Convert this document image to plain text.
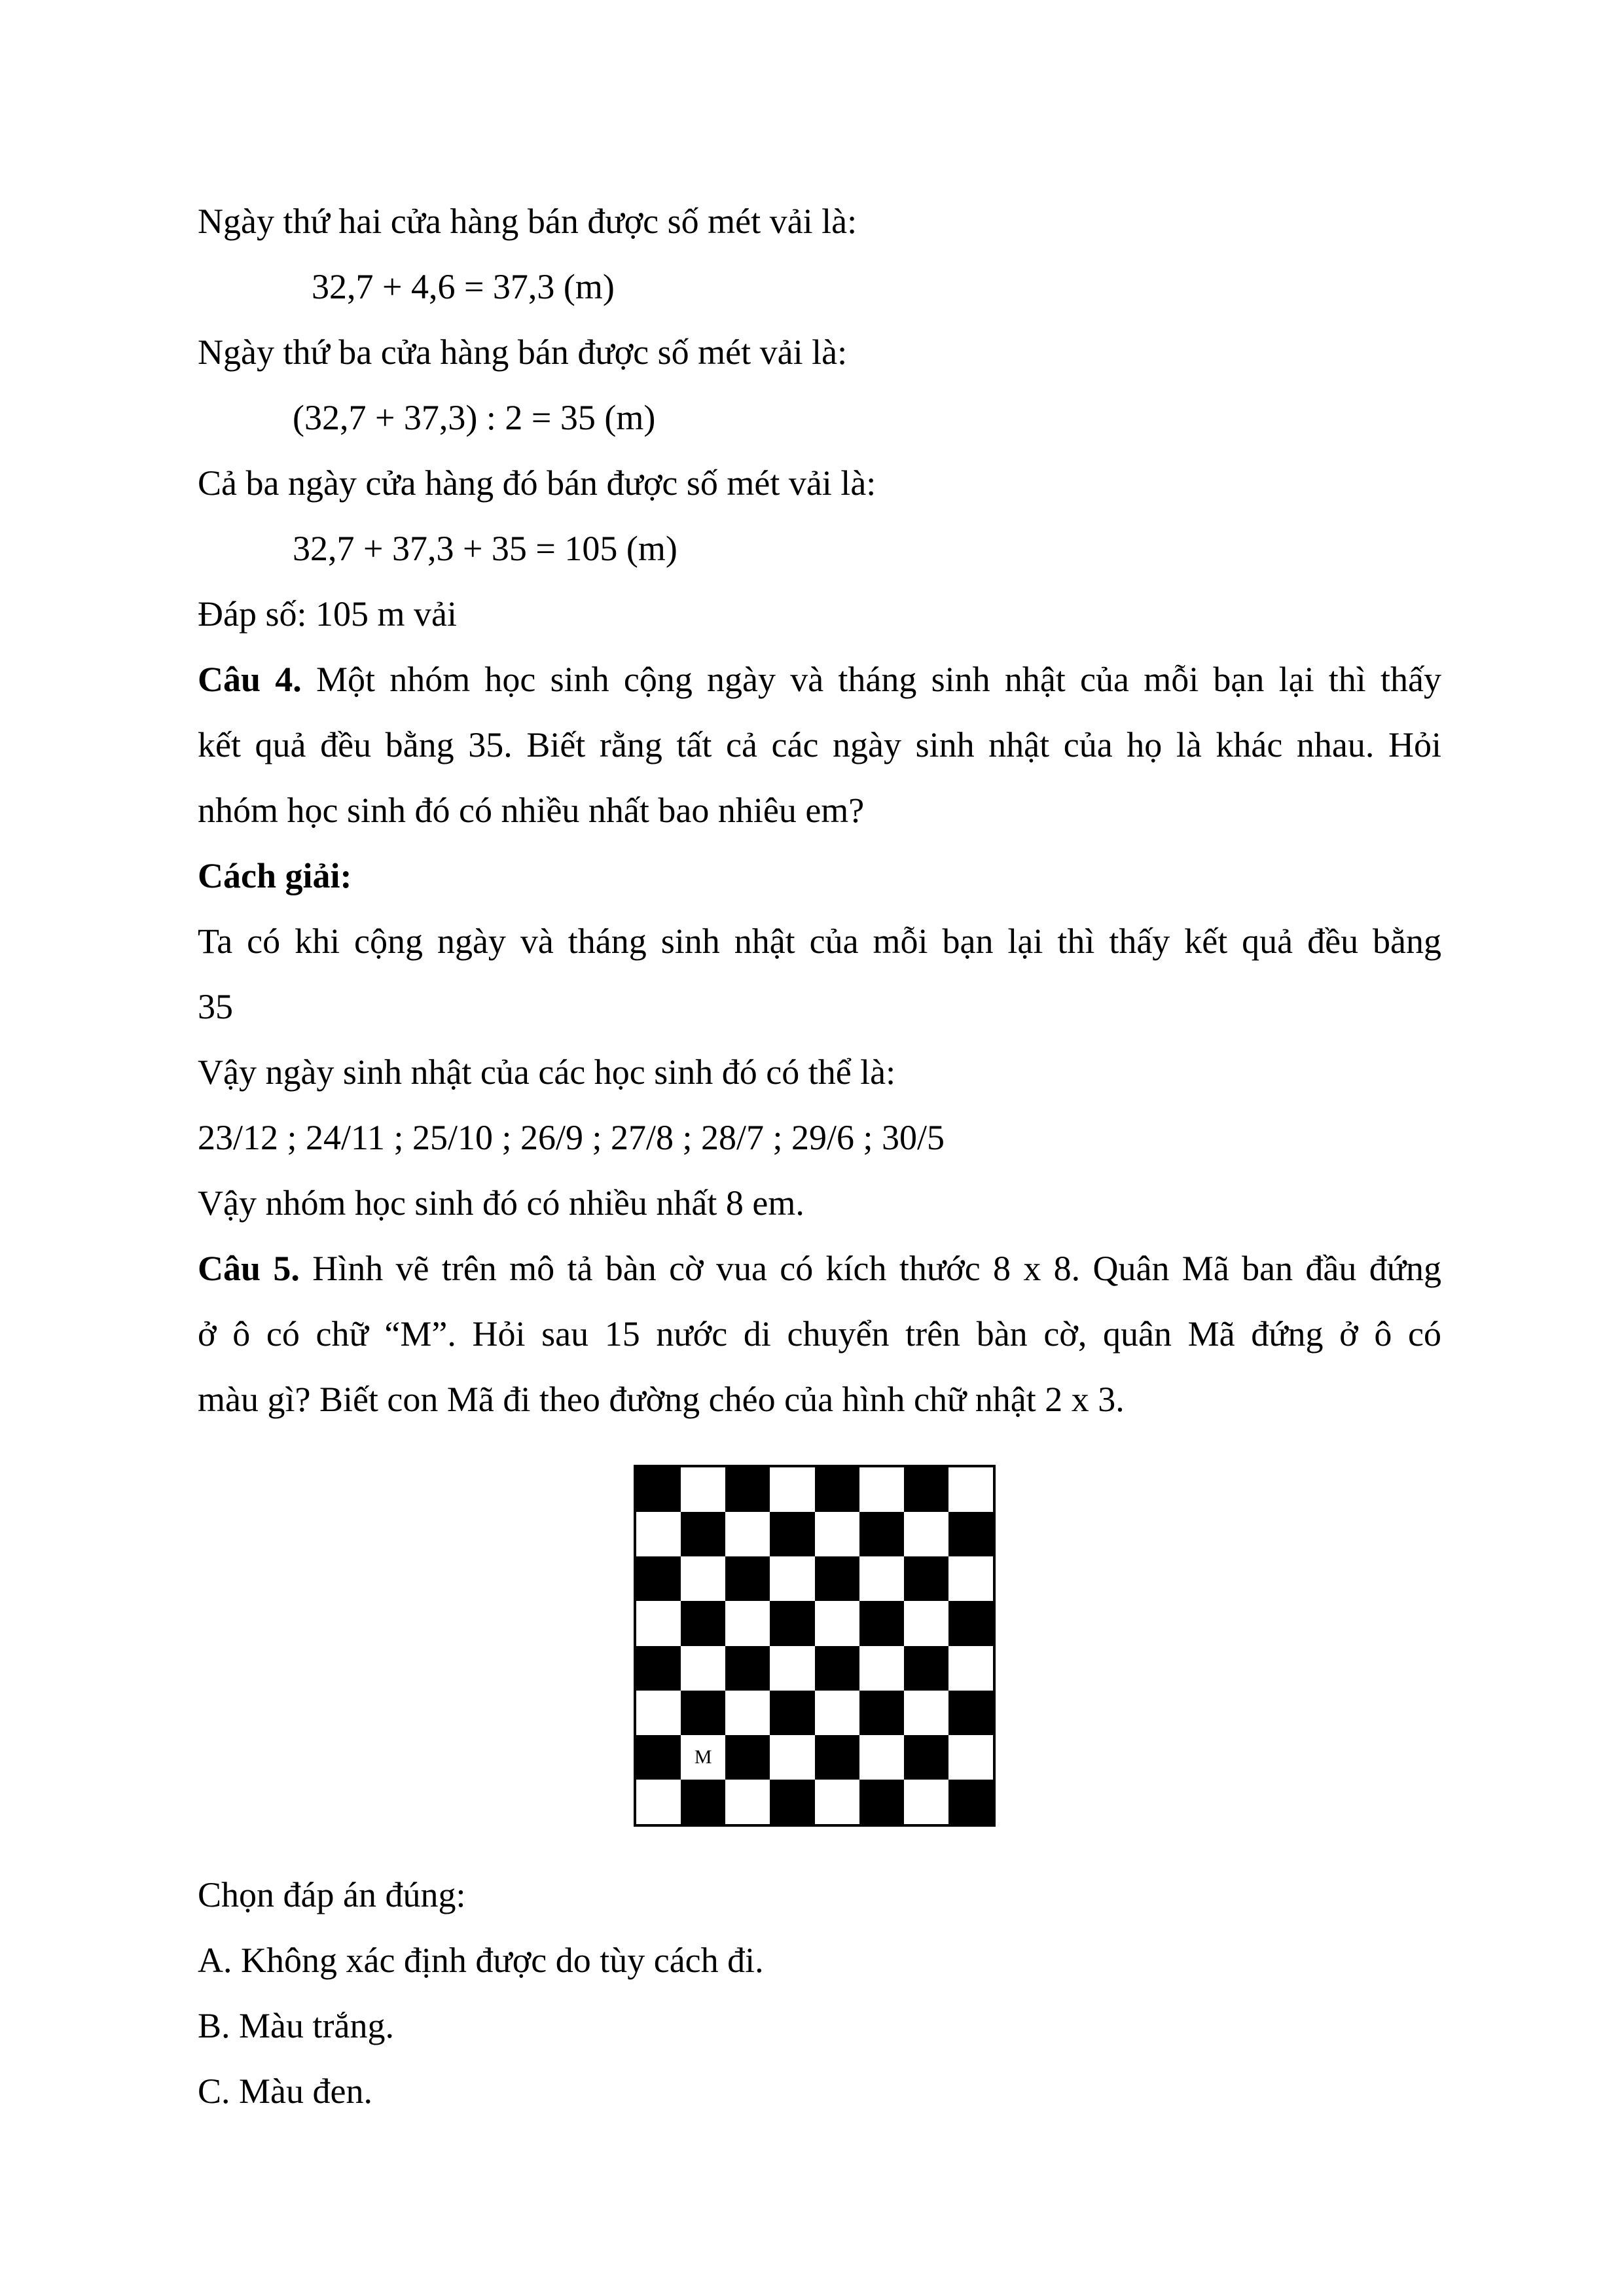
Ngày thứ hai cửa hàng bán được số mét vải là:
32,7 + 4,6 = 37,3 (m)
Ngày thứ ba cửa hàng bán được số mét vải là:
(32,7 + 37,3) : 2 = 35 (m)
Cả ba ngày cửa hàng đó bán được số mét vải là:
32,7 + 37,3 + 35 = 105 (m)
Đáp số: 105 m vải
Câu 4. Một nhóm học sinh cộng ngày và tháng sinh nhật của mỗi bạn lại thì thấy
kết quả đều bằng 35. Biết rằng tất cả các ngày sinh nhật của họ là khác nhau. Hỏi
nhóm học sinh đó có nhiều nhất bao nhiêu em?
Cách giải:
Ta có khi cộng ngày và tháng sinh nhật của mỗi bạn lại thì thấy kết quả đều bằng
35
Vậy ngày sinh nhật của các học sinh đó có thể là:
23/12 ; 24/11 ; 25/10 ; 26/9 ; 27/8 ; 28/7 ; 29/6 ; 30/5
Vậy nhóm học sinh đó có nhiều nhất 8 em.
Câu 5. Hình vẽ trên mô tả bàn cờ vua có kích thước 8 x 8. Quân Mã ban đầu đứng
ở ô có chữ “M”. Hỏi sau 15 nước di chuyển trên bàn cờ, quân Mã đứng ở ô có
màu gì? Biết con Mã đi theo đường chéo của hình chữ nhật 2 x 3.
M
Chọn đáp án đúng:
A. Không xác định được do tùy cách đi.
B. Màu trắng.
C. Màu đen.
